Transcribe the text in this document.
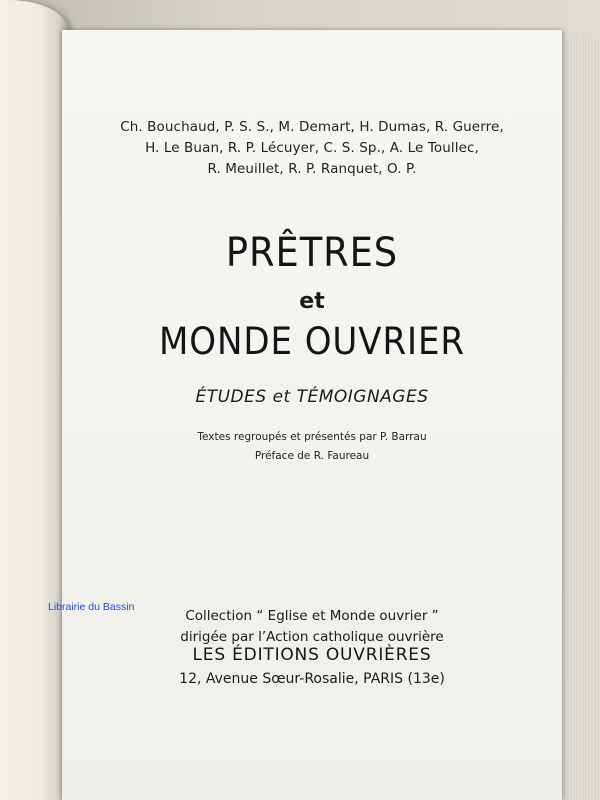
Ch. Bouchaud, P. S. S., M. Demart, H. Dumas, R. Guerre,
H. Le Buan, R. P. Lécuyer, C. S. Sp., A. Le Toullec,
R. Meuillet, R. P. Ranquet, O. P.
PRÊTRES
et
MONDE OUVRIER
ÉTUDES et TÉMOIGNAGES
Textes regroupés et présentés par P. Barrau
Préface de R. Faureau
Collection “ Eglise et Monde ouvrier ”
dirigée par l’Action catholique ouvrière
LES ÉDITIONS OUVRIÈRES
12, Avenue Sœur-Rosalie, PARIS (13e)
Librairie du Bassin
